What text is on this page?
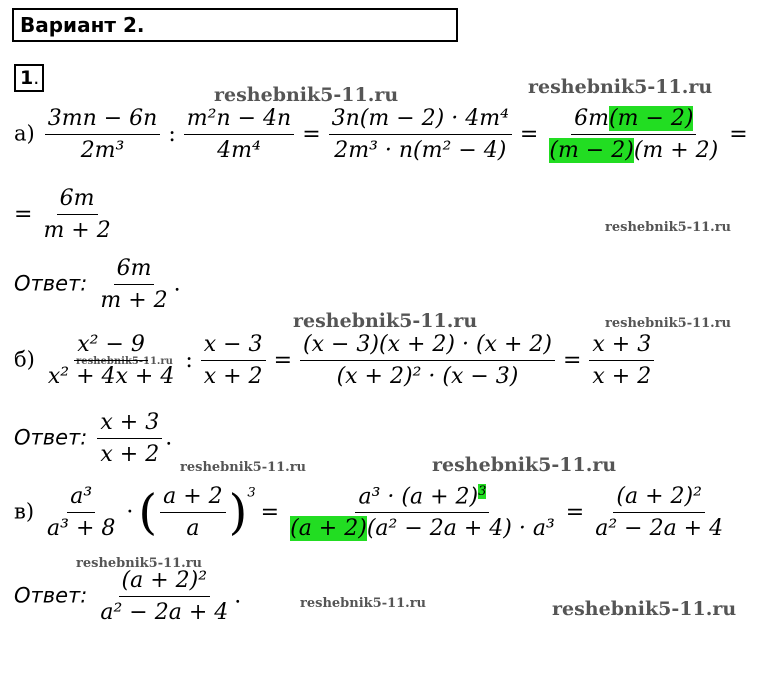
Вариант 2.
1.
reshebnik5-11.ru	reshebnik5-11.ru
reshebnik5-11.ru
reshebnik5-11.ru	reshebnik5-11.ru
reshebnik5-11.ru
reshebnik5-11.ru	reshebnik5-11.ru
reshebnik5-11.ru
reshebnik5-11.ru	reshebnik5-11.ru
$а) \frac{3mn - 6n}{\text{2m³}}$ : $\frac{\text{m²n − 4n}}{\text{4m⁴}} = \frac{\text{3n(m − 2) · 4m⁴}}{\text{2m³ · n(m² − 4)}} = \frac{6m(m - 2)}{(m - 2)(m + 2)}$ =
= $\frac{6m}{m + 2}$
Ответ: $\frac{6m}{m + 2}$ .
$б) \frac{\text{x² − 9}}{\text{x² + 4x + 4}}$ : $\frac{x - 3}{x + 2} = \frac{(x - 3)(x + 2) \cdot (x + 2)}{\text{(x + 2)² · (x − 3)}} = \frac{x + 3}{x + 2}$
Ответ: $\frac{x + 3}{x + 2}$ .
$в) \frac{\text{a³}}{\text{a³ + 8}}$ · ( $\frac{a + 2}{a} )^3= \frac{a^3 \cdot (a + 2)^3}{\text{(a + 2)(a² − 2a + 4) · a³}} = \frac{\text{(a + 2)²}}{\text{a² − 2a + 4}}$
Ответ: $\frac{\text{(a + 2)²}}{\text{a² − 2a + 4}}$ .
